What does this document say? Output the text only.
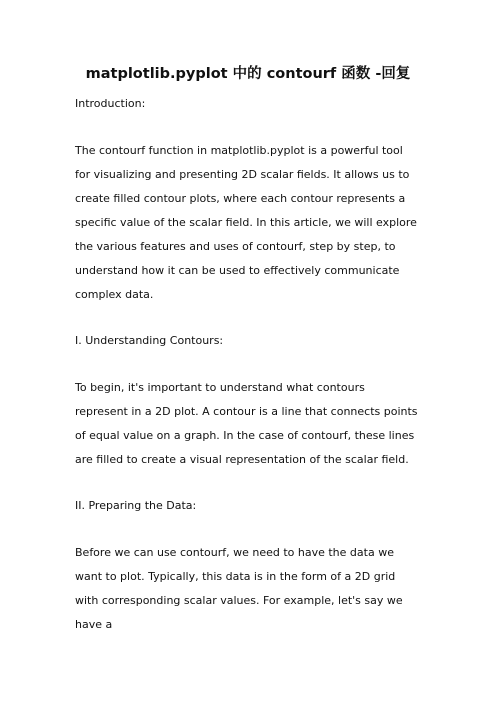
matplotlib.pyplot 中的 contourf 函数 -回复

Introduction:

The contourf function in matplotlib.pyplot is a powerful tool for visualizing and presenting 2D scalar fields. It allows us to create filled contour plots, where each contour represents a specific value of the scalar field. In this article, we will explore the various features and uses of contourf, step by step, to understand how it can be used to effectively communicate complex data.

I. Understanding Contours:

To begin, it's important to understand what contours represent in a 2D plot. A contour is a line that connects points of equal value on a graph. In the case of contourf, these lines are filled to create a visual representation of the scalar field.

II. Preparing the Data:

Before we can use contourf, we need to have the data we want to plot. Typically, this data is in the form of a 2D grid with corresponding scalar values. For example, let's say we have a
